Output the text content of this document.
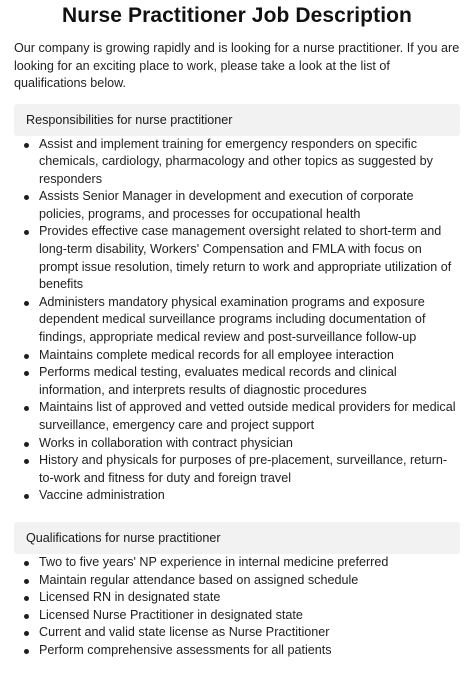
Nurse Practitioner Job Description

Our company is growing rapidly and is looking for a nurse practitioner. If you are looking for an exciting place to work, please take a look at the list of qualifications below.

Responsibilities for nurse practitioner
Assist and implement training for emergency responders on specific chemicals, cardiology, pharmacology and other topics as suggested by responders
Assists Senior Manager in development and execution of corporate policies, programs, and processes for occupational health
Provides effective case management oversight related to short-term and long-term disability, Workers' Compensation and FMLA with focus on prompt issue resolution, timely return to work and appropriate utilization of benefits
Administers mandatory physical examination programs and exposure dependent medical surveillance programs including documentation of findings, appropriate medical review and post-surveillance follow-up
Maintains complete medical records for all employee interaction
Performs medical testing, evaluates medical records and clinical information, and interprets results of diagnostic procedures
Maintains list of approved and vetted outside medical providers for medical surveillance, emergency care and project support
Works in collaboration with contract physician
History and physicals for purposes of pre-placement, surveillance, return-to-work and fitness for duty and foreign travel
Vaccine administration
Qualifications for nurse practitioner
Two to five years' NP experience in internal medicine preferred
Maintain regular attendance based on assigned schedule
Licensed RN in designated state
Licensed Nurse Practitioner in designated state
Current and valid state license as Nurse Practitioner
Perform comprehensive assessments for all patients
